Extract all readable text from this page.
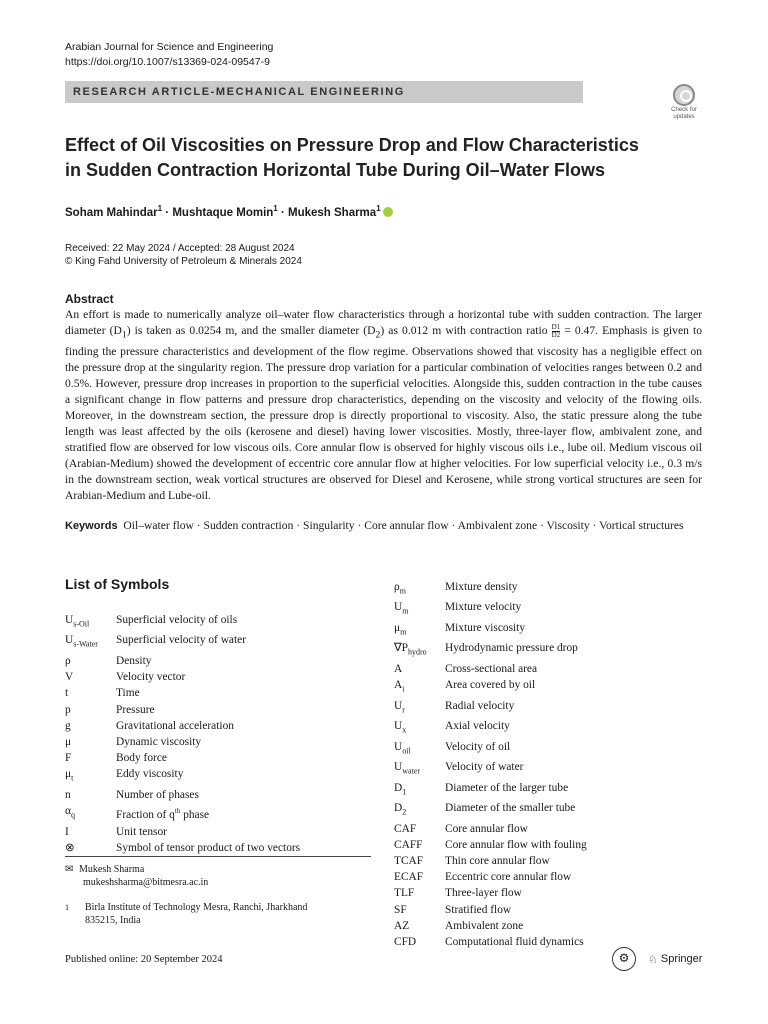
Arabian Journal for Science and Engineering
https://doi.org/10.1007/s13369-024-09547-9
RESEARCH ARTICLE-MECHANICAL ENGINEERING
Check for
updates
Effect of Oil Viscosities on Pressure Drop and Flow Characteristics
in Sudden Contraction Horizontal Tube During Oil–Water Flows
Soham Mahindar$^1$ · Mushtaque Momin$^1$ · Mukesh Sharma$^1$
Received: 22 May 2024 / Accepted: 28 August 2024
© King Fahd University of Petroleum & Minerals 2024
Abstract
An effort is made to numerically analyze oil–water flow characteristics through a horizontal tube with sudden contraction. The larger diameter $(D_1)$ is taken as 0.0254 m, and the smaller diameter $(D_2)$ as 0.012 m with contraction ratio $\frac{D1}{D2} = 0.47$. Emphasis is given to finding the pressure characteristics and development of the flow regime. Observations showed that viscosity has a negligible effect on the pressure drop at the singularity region. The pressure drop variation for a particular combination of velocities ranges between 0.2 and 0.5%. However, pressure drop increases in proportion to the superficial velocities. Alongside this, sudden contraction in the tube causes a significant change in flow patterns and pressure drop characteristics, depending on the viscosity and velocity of the flowing oils. Moreover, in the downstream section, the pressure drop is directly proportional to viscosity. Also, the static pressure along the tube length was least affected by the oils (kerosene and diesel) having lower viscosities. Mostly, three-layer flow, ambivalent zone, and stratified flow are observed for low viscous oils. Core annular flow is observed for highly viscous oils i.e., lube oil. Medium viscous oil (Arabian-Medium) showed the development of eccentric core annular flow at higher velocities. For low superficial velocity i.e., 0.3 m/s in the downstream section, weak vortical structures are observed for Diesel and Kerosene, while strong vortical structures are seen for Arabian-Medium and Lube-oil.
Keywords Oil–water flow · Sudden contraction · Singularity · Core annular flow · Ambivalent zone · Viscosity · Vortical structures
List of Symbols
$U_{s-Oil}$	Superficial velocity of oils
$U_{s-Water}$	Superficial velocity of water
ρ	Density
V	Velocity vector
t	Time
p	Pressure
g	Gravitational acceleration
μ	Dynamic viscosity
F	Body force
$\mu_t$	Eddy viscosity
n	Number of phases
$\alpha_q$	Fraction of $q^{th}$ phase
I	Unit tensor
⊗	Symbol of tensor product of two vectors
$\rho_m$	Mixture density
$U_m$	Mixture velocity
$\mu_m$	Mixture viscosity
$\nabla P_{hydro}$	Hydrodynamic pressure drop
A	Cross-sectional area
$A_i$	Area covered by oil
$U_r$	Radial velocity
$U_x$	Axial velocity
$U_{oil}$	Velocity of oil
$U_{water}$	Velocity of water
$D_1$	Diameter of the larger tube
$D_2$	Diameter of the smaller tube
CAF	Core annular flow
CAFF	Core annular flow with fouling
TCAF	Thin core annular flow
ECAF	Eccentric core annular flow
TLF	Three-layer flow
SF	Stratified flow
AZ	Ambivalent zone
CFD	Computational fluid dynamics
✉ Mukesh Sharma
mukeshsharma@bitmesra.ac.in
1 Birla Institute of Technology Mesra, Ranchi, Jharkhand
835215, India
Published online: 20 September 2024	⚙	♘ Springer
